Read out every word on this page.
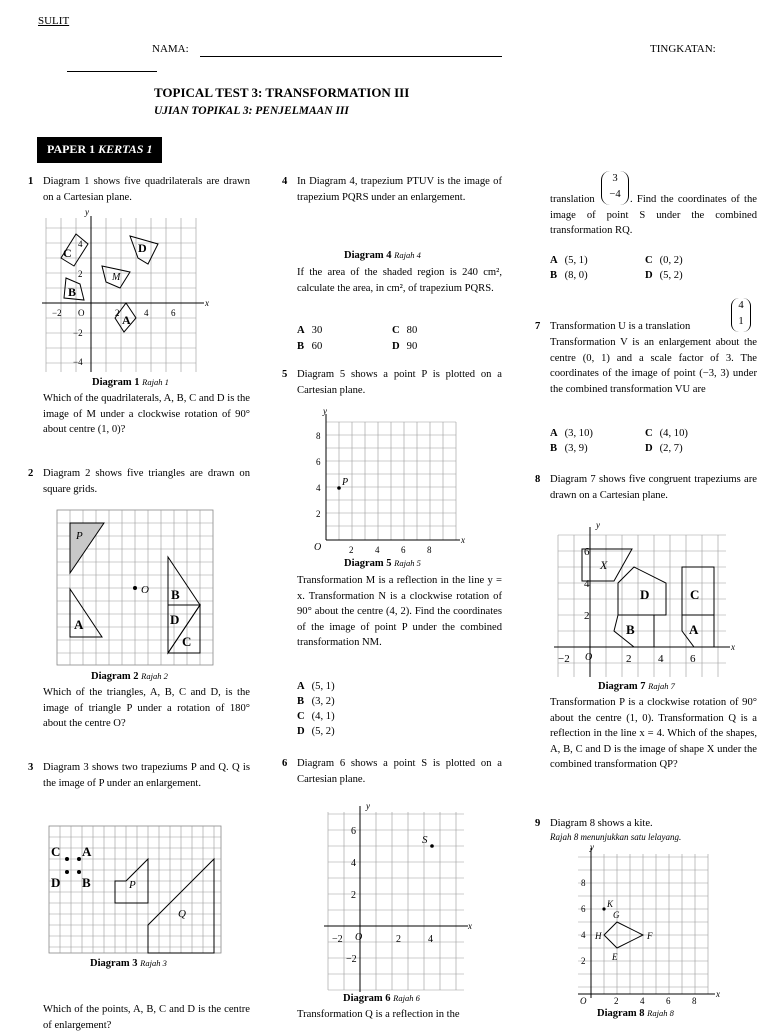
SULIT
NAMA:	TINGKATAN:
TOPICAL TEST 3: TRANSFORMATION III
UJIAN TOPIKAL 3: PENJELMAAN III
PAPER 1 KERTAS 1
1 Diagram 1 shows five quadrilaterals are drawn on a Cartesian plane.
x
y
−2 O	2	4	6
4
2
−2
−4
C	D
M
B
A
Diagram 1 Rajah 1
Which of the quadrilaterals, A, B, C and D is the image of M under a clockwise rotation of 90° about centre (1, 0)?
2 Diagram 2 shows five triangles are drawn on square grids.
P
O
A
B
D
C
Diagram 2 Rajah 2
Which of the triangles, A, B, C and D, is the image of triangle P under a rotation of 180° about the centre O?
3 Diagram 3 shows two trapeziums P and Q. Q is the image of P under an enlargement.
C A
D B	P
Q
Diagram 3 Rajah 3
Which of the points, A, B, C and D is the centre of enlargement?
4 In Diagram 4, trapezium PTUV is the image of trapezium PQRS under an enlargement.
Diagram 4 Rajah 4
If the area of the shaded region is 240 cm², calculate the area, in cm², of trapezium PQRS.
A 30	C 80
B 60	D 90
5 Diagram 5 shows a point P is plotted on a Cartesian plane.
x
y
O	2 4 6 8
2
4
6
8
P
Diagram 5 Rajah 5
Transformation M is a reflection in the line y = x. Transformation N is a clockwise rotation of 90° about the centre (4, 2). Find the coordinates of the image of point P under the combined transformation NM.
A (5, 1)
B (3, 2)
C (4, 1)
D (5, 2)
6 Diagram 6 shows a point S is plotted on a Cartesian plane.
x
y
−2 O	2	4
6
4
2
−2
S
Diagram 6 Rajah 6
Transformation Q is a reflection in the
translation
3
−4 . Find the coordinates of the image of point S under the combined transformation RQ.
A (5, 1)	C (0, 2)
B (8, 0)	D (5, 2)
7 Transformation U is a translation
4
1
Transformation V is an enlargement about the centre (0, 1) and a scale factor of 3. The coordinates of the image of point (−3, 3) under the combined transformation VU are
A (3, 10)	C (4, 10)
B (3, 9)	D (2, 7)
8 Diagram 7 shows five congruent trapeziums are drawn on a Cartesian plane.
x
y
−2 O	2 4 6
6
4
2
X
D	C
B	A
Diagram 7 Rajah 7
Transformation P is a clockwise rotation of 90° about the centre (1, 0). Transformation Q is a reflection in the line x = 4. Which of the shapes, A, B, C and D is the image of shape X under the combined transformation QP?
9 Diagram 8 shows a kite.
Rajah 8 menunjukkan satu lelayang.
x
y
O	2 4 6 8
8
6
4
2
K
G
H	F
E
Diagram 8 Rajah 8
